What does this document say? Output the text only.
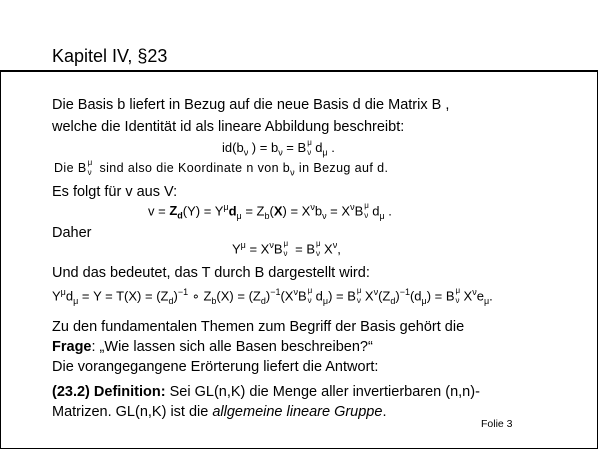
Kapitel IV, §23
Die Basis b liefert in Bezug auf die neue Basis d die Matrix B ,
welche die Identität id als lineare Abbildung beschreibt:
$id(b_\nu$ ) = $b_\nu = B$ μ
ν $d_\mu$ .
Die B μ
ν sind also die Koordinate n von $b_\nu$ in Bezug auf d.
Es folgt für v aus V:
$v = Z_d(Y) = Y^\mu d_\mu = Z_b(X) = X^\nu b_\nu = X^\nu B$ μ
ν $d_\mu$ .
Daher
$Y^\mu = X^\nu B$ μ
ν = B μ
ν $X^\nu$,
Und das bedeutet, das T durch B dargestellt wird:
$Y^\mu d_\mu = Y = T(X) = (Z_d)^{-1}$ ∘ $Z_b(X) = (Z_d)^{-1}(X^\nu B$ μ
ν $d_\mu) = B$ μ
ν $X^\nu(Z_d)^{-1}(d_\mu) = B$ μ
ν $X^\nu e_\mu$.
Zu den fundamentalen Themen zum Begriff der Basis gehört die
Frage: „Wie lassen sich alle Basen beschreiben?“
Die vorangegangene Erörterung liefert die Antwort:
(23.2) Definition: Sei GL(n,K) die Menge aller invertierbaren (n,n)-
Matrizen. GL(n,K) ist die allgemeine lineare Gruppe.
Folie 3
